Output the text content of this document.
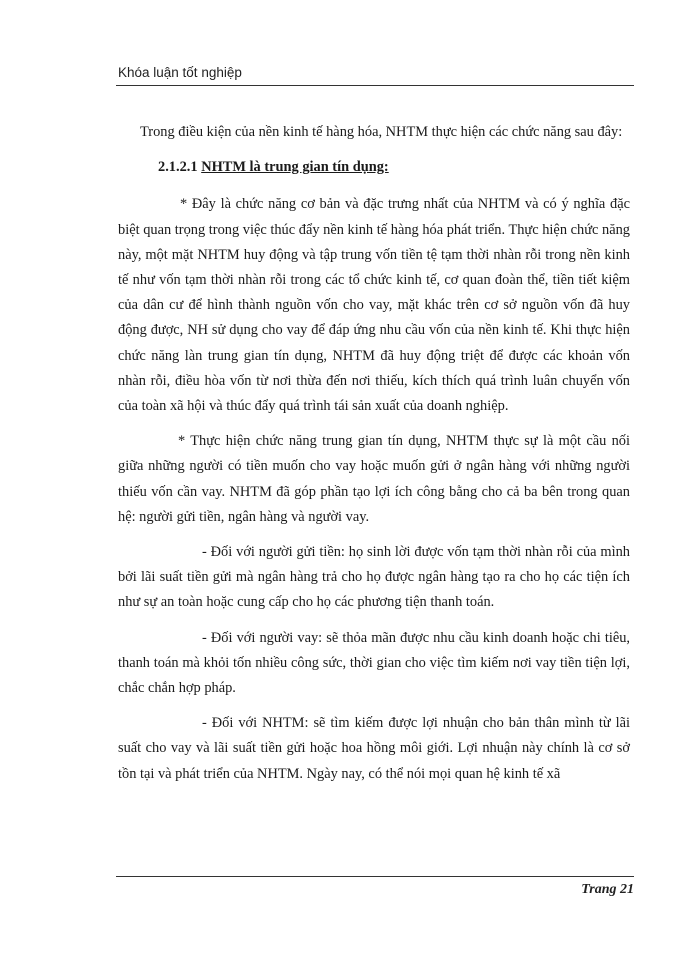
Khóa luận tốt nghiệp

Trong điều kiện của nền kinh tế hàng hóa, NHTM thực hiện các chức năng sau đây:

2.1.2.1 NHTM là trung gian tín dụng:

* Đây là chức năng cơ bản và đặc trưng nhất của NHTM và có ý nghĩa đặc biệt quan trọng trong việc thúc đẩy nền kinh tế hàng hóa phát triển. Thực hiện chức năng này, một mặt NHTM huy động và tập trung vốn tiền tệ tạm thời nhàn rỗi trong nền kinh tế như vốn tạm thời nhàn rỗi trong các tổ chức kinh tế, cơ quan đoàn thể, tiền tiết kiệm của dân cư để hình thành nguồn vốn cho vay, mặt khác trên cơ sở nguồn vốn đã huy động được, NH sử dụng cho vay để đáp ứng nhu cầu vốn của nền kinh tế. Khi thực hiện chức năng làn trung gian tín dụng, NHTM đã huy động triệt để được các khoản vốn nhàn rỗi, điều hòa vốn từ nơi thừa đến nơi thiếu, kích thích quá trình luân chuyển vốn của toàn xã hội và thúc đẩy quá trình tái sản xuất của doanh nghiệp.

* Thực hiện chức năng trung gian tín dụng, NHTM thực sự là một cầu nối giữa những người có tiền muốn cho vay hoặc muốn gửi ở ngân hàng với những người thiếu vốn cần vay. NHTM đã góp phần tạo lợi ích công bằng cho cả ba bên trong quan hệ: người gửi tiền, ngân hàng và người vay.

- Đối với người gửi tiền: họ sinh lời được vốn tạm thời nhàn rỗi của mình bởi lãi suất tiền gửi mà ngân hàng trả cho họ được ngân hàng tạo ra cho họ các tiện ích như sự an toàn hoặc cung cấp cho họ các phương tiện thanh toán.

- Đối với người vay: sẽ thỏa mãn được nhu cầu kinh doanh hoặc chi tiêu, thanh toán mà khỏi tốn nhiều công sức, thời gian cho việc tìm kiếm nơi vay tiền tiện lợi, chắc chắn hợp pháp.

- Đối với NHTM: sẽ tìm kiếm được lợi nhuận cho bản thân mình từ lãi suất cho vay và lãi suất tiền gửi hoặc hoa hồng môi giới. Lợi nhuận này chính là cơ sở tồn tại và phát triển của NHTM. Ngày nay, có thể nói mọi quan hệ kinh tế xã

Trang 21
